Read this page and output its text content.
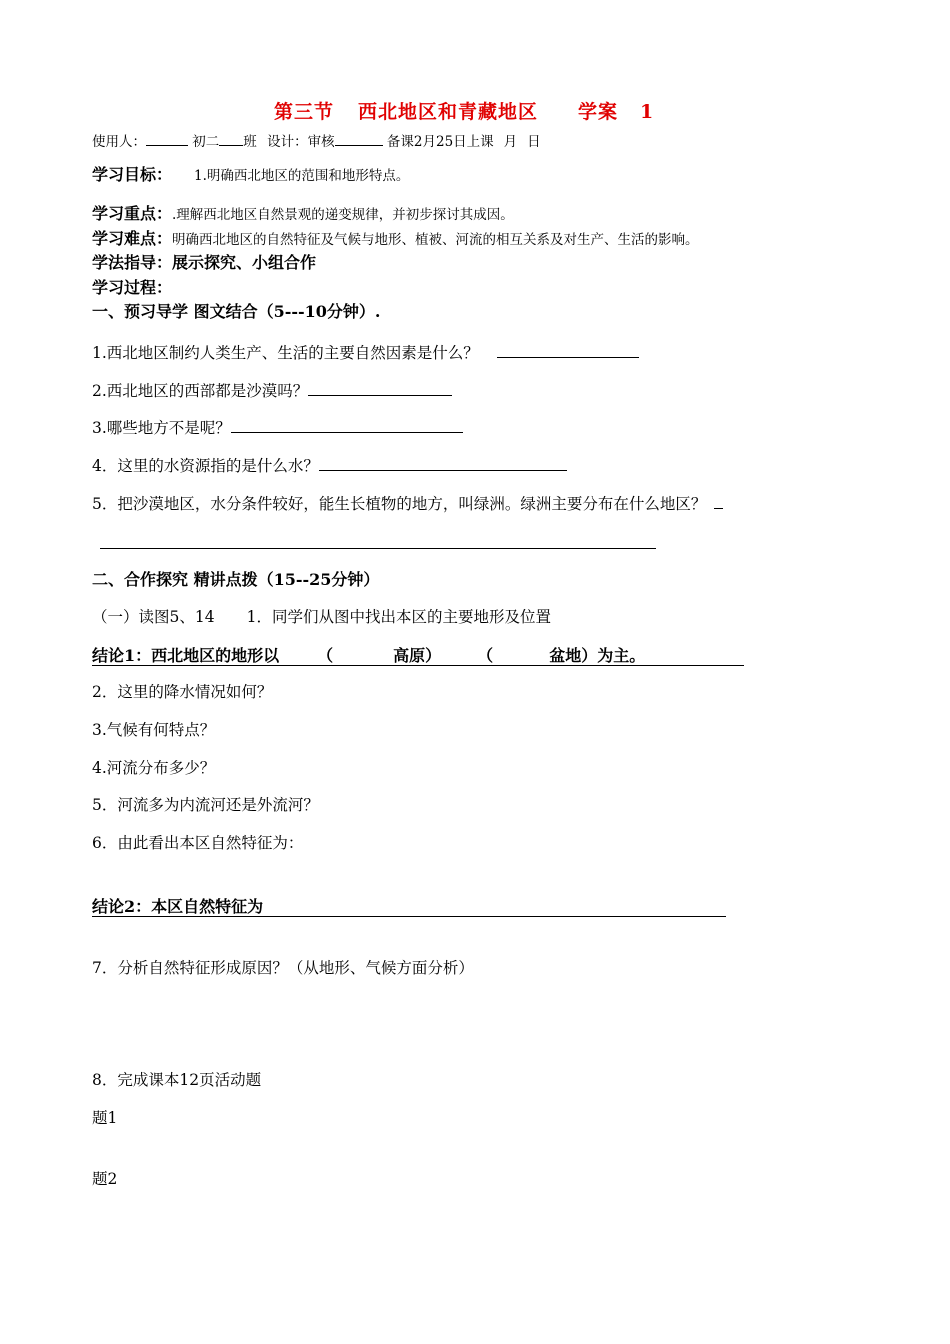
第三节 西北地区和青藏地区 学案 1
使用人：	初二 班 设计：审核	备课2月25日上课 月 日
学习目标： 1.明确西北地区的范围和地形特点。
学习重点：.理解西北地区自然景观的递变规律，并初步探讨其成因。
学习难点：明确西北地区的自然特征及气候与地形、植被、河流的相互关系及对生产、生活的影响。
学法指导：展示探究、小组合作
学习过程：
一、预习导学 图文结合（5---10分钟）.
1.西北地区制约人类生产、生活的主要自然因素是什么？
2.西北地区的西部都是沙漠吗？
3.哪些地方不是呢？
4．这里的水资源指的是什么水？
5．把沙漠地区，水分条件较好，能生长植物的地方，叫绿洲。绿洲主要分布在什么地区？
二、合作探究 精讲点拨（15--25分钟）
（一）读图5、14 1．同学们从图中找出本区的主要地形及位置
结论1：西北地区的地形以 （	高原） （	盆地）为主。
2．这里的降水情况如何？
3.气候有何特点？
4.河流分布多少？
5．河流多为内流河还是外流河？
6．由此看出本区自然特征为：
结论2：本区自然特征为
7．分析自然特征形成原因？（从地形、气候方面分析）
8．完成课本12页活动题
题1
题2
